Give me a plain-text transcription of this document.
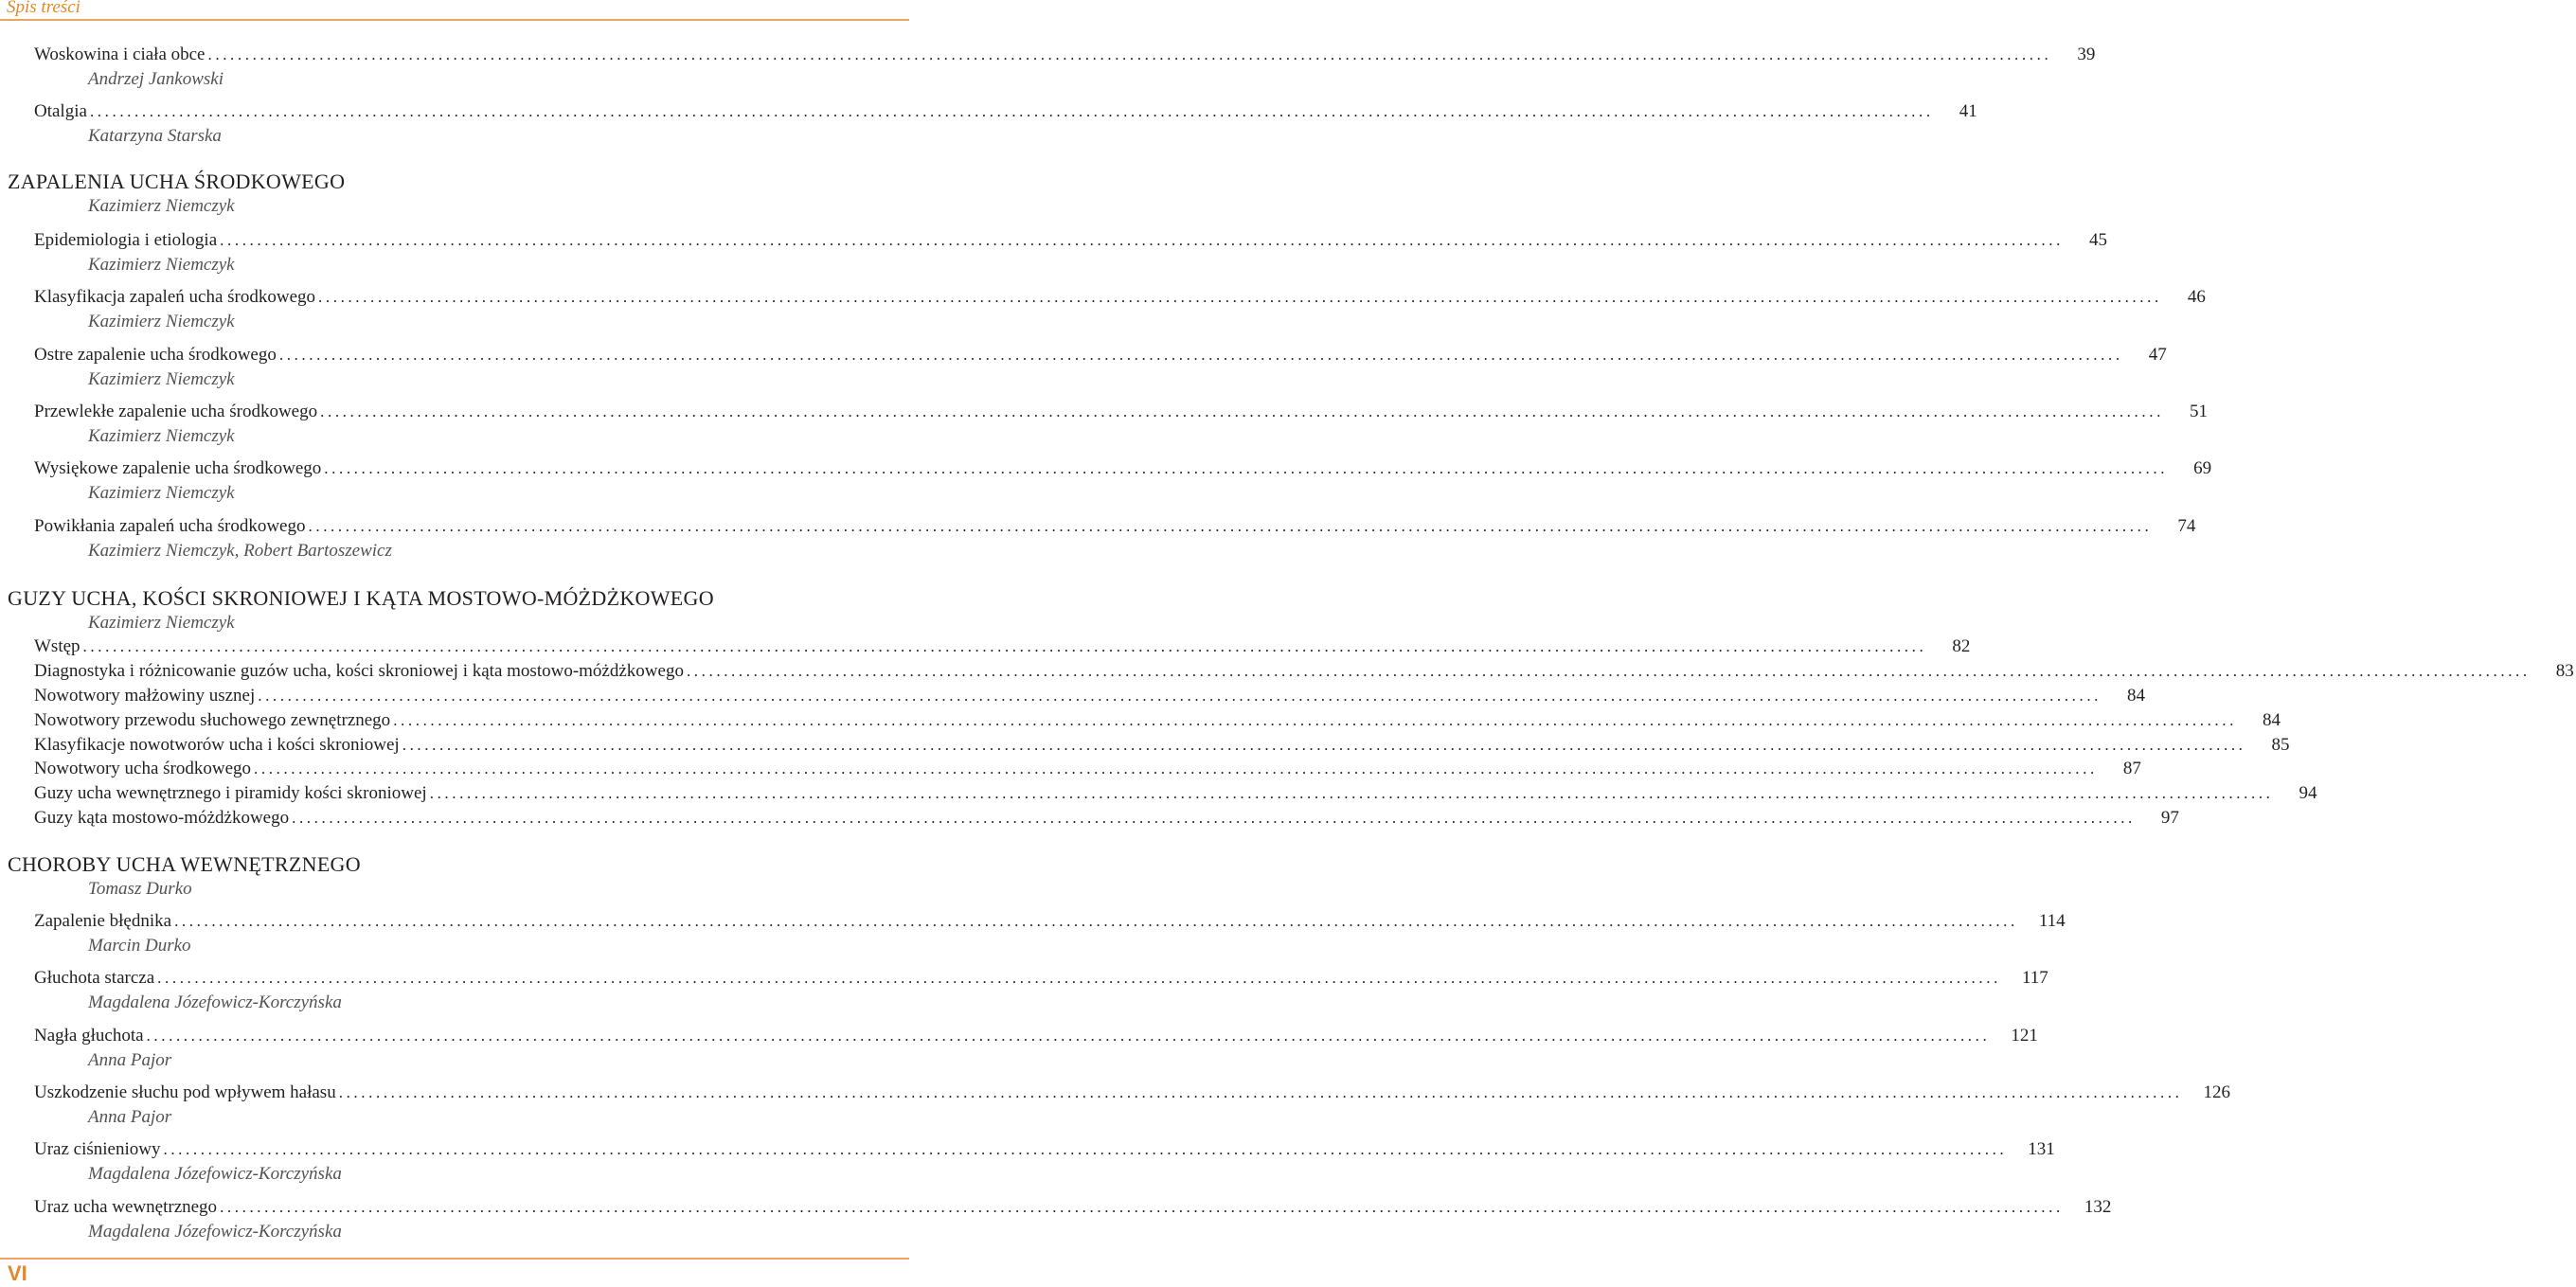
Spis treści
Woskowina i ciała obce ........................................................................................................................................................................................................................................................ 39
Andrzej Jankowski
Otalgia ........................................................................................................................................................................................................................................................ 41
Katarzyna Starska
ZAPALENIA UCHA ŚRODKOWEGO
Kazimierz Niemczyk
Epidemiologia i etiologia ........................................................................................................................................................................................................................................................ 45
Kazimierz Niemczyk
Klasyfikacja zapaleń ucha środkowego ........................................................................................................................................................................................................................................................ 46
Kazimierz Niemczyk
Ostre zapalenie ucha środkowego ........................................................................................................................................................................................................................................................ 47
Kazimierz Niemczyk
Przewlekłe zapalenie ucha środkowego ........................................................................................................................................................................................................................................................ 51
Kazimierz Niemczyk
Wysiękowe zapalenie ucha środkowego ........................................................................................................................................................................................................................................................ 69
Kazimierz Niemczyk
Powikłania zapaleń ucha środkowego ........................................................................................................................................................................................................................................................ 74
Kazimierz Niemczyk, Robert Bartoszewicz
GUZY UCHA, KOŚCI SKRONIOWEJ I KĄTA MOSTOWO-MÓŻDŻKOWEGO
Kazimierz Niemczyk
Wstęp ........................................................................................................................................................................................................................................................ 82
Diagnostyka i różnicowanie guzów ucha, kości skroniowej i kąta mostowo-móżdżkowego ........................................................................................................................................................................................................................................................ 83
Nowotwory małżowiny usznej ........................................................................................................................................................................................................................................................ 84
Nowotwory przewodu słuchowego zewnętrznego ........................................................................................................................................................................................................................................................ 84
Klasyfikacje nowotworów ucha i kości skroniowej ........................................................................................................................................................................................................................................................ 85
Nowotwory ucha środkowego ........................................................................................................................................................................................................................................................ 87
Guzy ucha wewnętrznego i piramidy kości skroniowej ........................................................................................................................................................................................................................................................ 94
Guzy kąta mostowo-móżdżkowego ........................................................................................................................................................................................................................................................ 97
CHOROBY UCHA WEWNĘTRZNEGO
Tomasz Durko
Zapalenie błędnika ........................................................................................................................................................................................................................................................ 114
Marcin Durko
Głuchota starcza ........................................................................................................................................................................................................................................................ 117
Magdalena Józefowicz-Korczyńska
Nagła głuchota ........................................................................................................................................................................................................................................................ 121
Anna Pajor
Uszkodzenie słuchu pod wpływem hałasu ........................................................................................................................................................................................................................................................ 126
Anna Pajor
Uraz ciśnieniowy ........................................................................................................................................................................................................................................................ 131
Magdalena Józefowicz-Korczyńska
Uraz ucha wewnętrznego ........................................................................................................................................................................................................................................................ 132
Magdalena Józefowicz-Korczyńska
VI
